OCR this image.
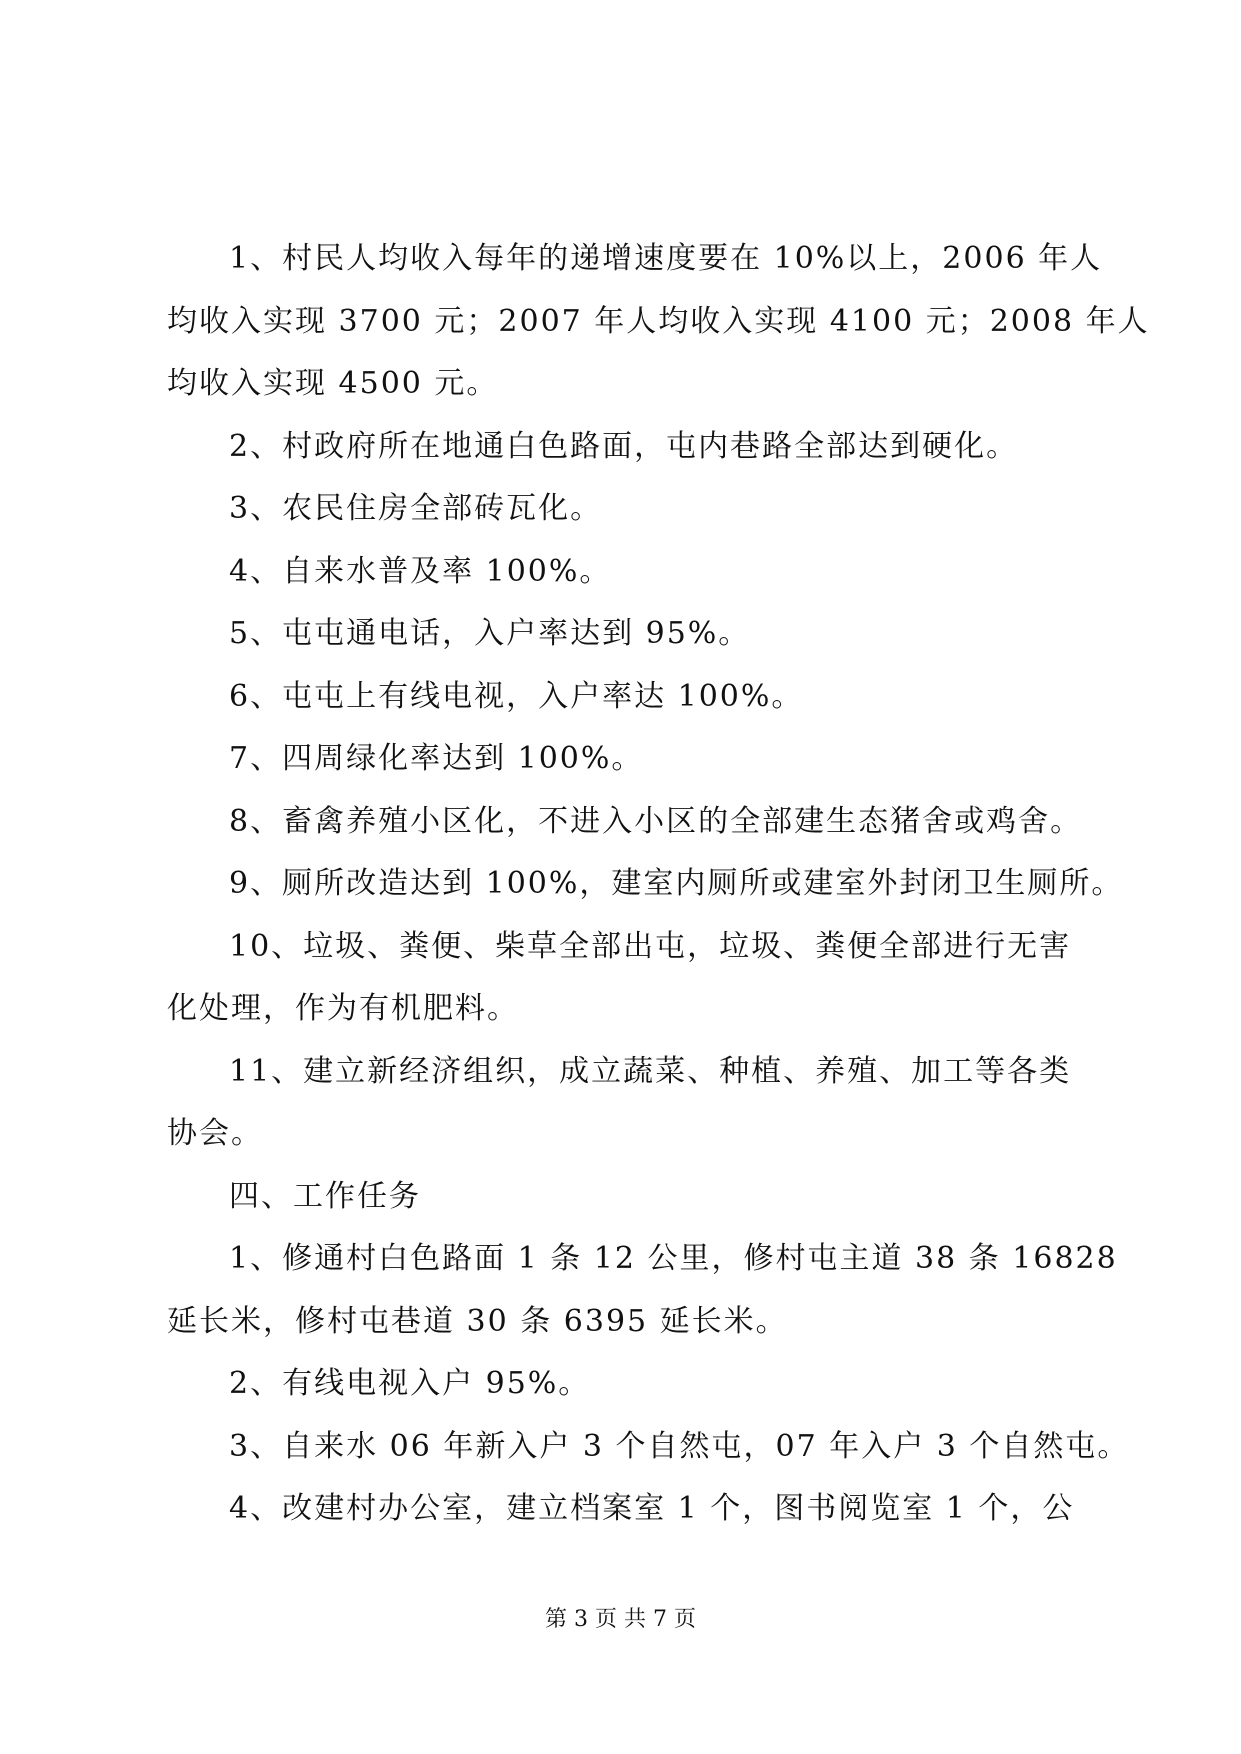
1、村民人均收入每年的递增速度要在 10%以上，2006 年人
均收入实现 3700 元；2007 年人均收入实现 4100 元；2008 年人
均收入实现 4500 元。

2、村政府所在地通白色路面，屯内巷路全部达到硬化。

3、农民住房全部砖瓦化。

4、自来水普及率 100%。

5、屯屯通电话，入户率达到 95%。

6、屯屯上有线电视，入户率达 100%。

7、四周绿化率达到 100%。

8、畜禽养殖小区化，不进入小区的全部建生态猪舍或鸡舍。

9、厕所改造达到 100%，建室内厕所或建室外封闭卫生厕所。

10、垃圾、粪便、柴草全部出屯，垃圾、粪便全部进行无害
化处理，作为有机肥料。

11、建立新经济组织，成立蔬菜、种植、养殖、加工等各类
协会。

四、工作任务

1、修通村白色路面 1 条 12 公里，修村屯主道 38 条 16828
延长米，修村屯巷道 30 条 6395 延长米。

2、有线电视入户 95%。

3、自来水 06 年新入户 3 个自然屯，07 年入户 3 个自然屯。

4、改建村办公室，建立档案室 1 个，图书阅览室 1 个，公

第 3 页 共 7 页
